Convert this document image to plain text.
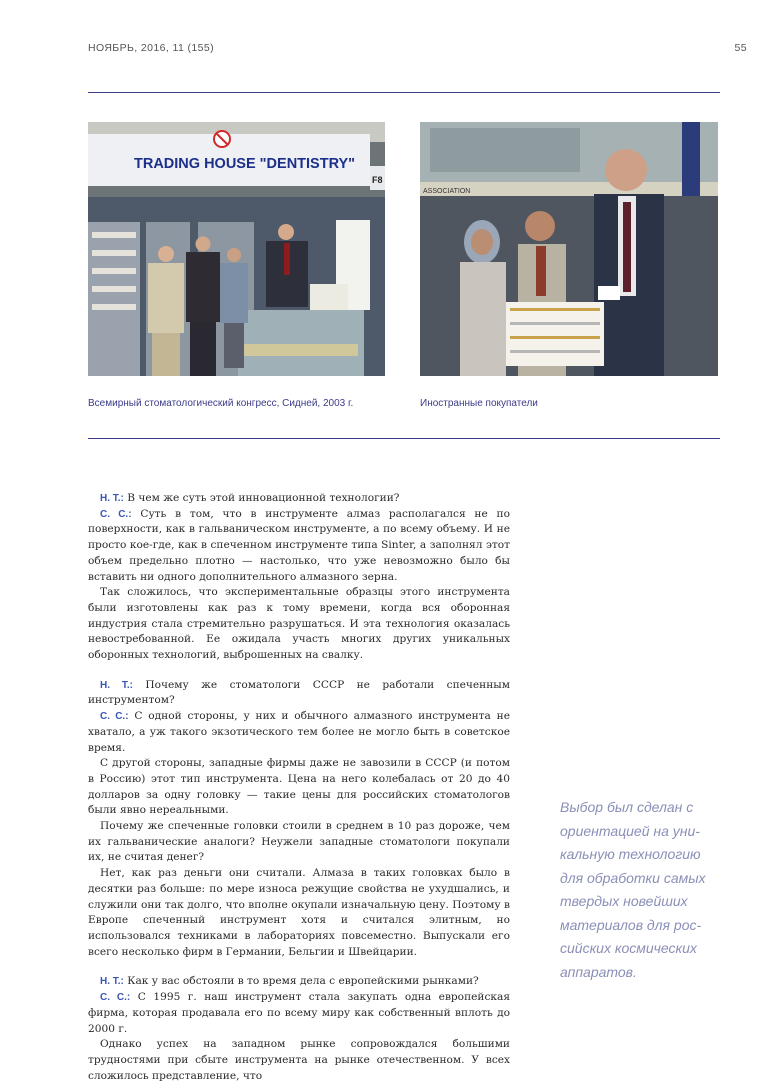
НОЯБРЬ, 2016, 11 (155)	55
TRADING HOUSE "DENTISTRY"
F8
ASSOCIATION
Всемирный стоматологический конгресс, Сидней, 2003 г.	Иностранные покупатели

Н. Т.: В чем же суть этой инновационной технологии?

С. С.: Суть в том, что в инструменте алмаз располагался не по поверхности, как в гальваническом инструменте, а по всему объему. И не просто кое-где, как в спеченном инструменте типа Sinter, а заполнял этот объем предельно плотно — настолько, что уже невозможно было бы вставить ни одного дополнительного алмазного зерна.

Так сложилось, что экспериментальные образцы этого инструмента были изготовлены как раз к тому времени, когда вся оборонная индустрия стала стремительно разрушаться. И эта технология оказалась невостребованной. Ее ожидала участь многих других уникальных оборонных технологий, выброшенных на свалку.

Н. Т.: Почему же стоматологи СССР не работали спеченным инструментом?

С. С.: С одной стороны, у них и обычного алмазного инструмента не хватало, а уж такого экзотического тем более не могло быть в советское время.

С другой стороны, западные фирмы даже не завозили в СССР (и потом в Россию) этот тип инструмента. Цена на него колебалась от 20 до 40 долларов за одну головку — такие цены для российских стоматологов были явно нереальными.

Почему же спеченные головки стоили в среднем в 10 раз дороже, чем их гальванические аналоги? Неужели западные стоматологи покупали их, не считая денег?

Нет, как раз деньги они считали. Алмаза в таких головках было в десятки раз больше: по мере износа режущие свойства не ухудшались, и служили они так долго, что вполне окупали изначальную цену. Поэтому в Европе спеченный инструмент хотя и считался элитным, но использовался техниками в лабораториях повсеместно. Выпускали его всего несколько фирм в Германии, Бельгии и Швейцарии.

Н. Т.: Как у вас обстояли в то время дела с европейскими рынками?

С. С.: С 1995 г. наш инструмент стала закупать одна европейская фирма, которая продавала его по всему миру как собственный вплоть до 2000 г.

Однако успех на западном рынке сопровождался большими трудностями при сбыте инструмента на рынке отечественном. У всех сложилось представление, что

Выбор был сделан с
ориентацией на уни-
кальную технологию
для обработки самых
твердых новейших
материалов для рос-
сийских космических
аппаратов.
